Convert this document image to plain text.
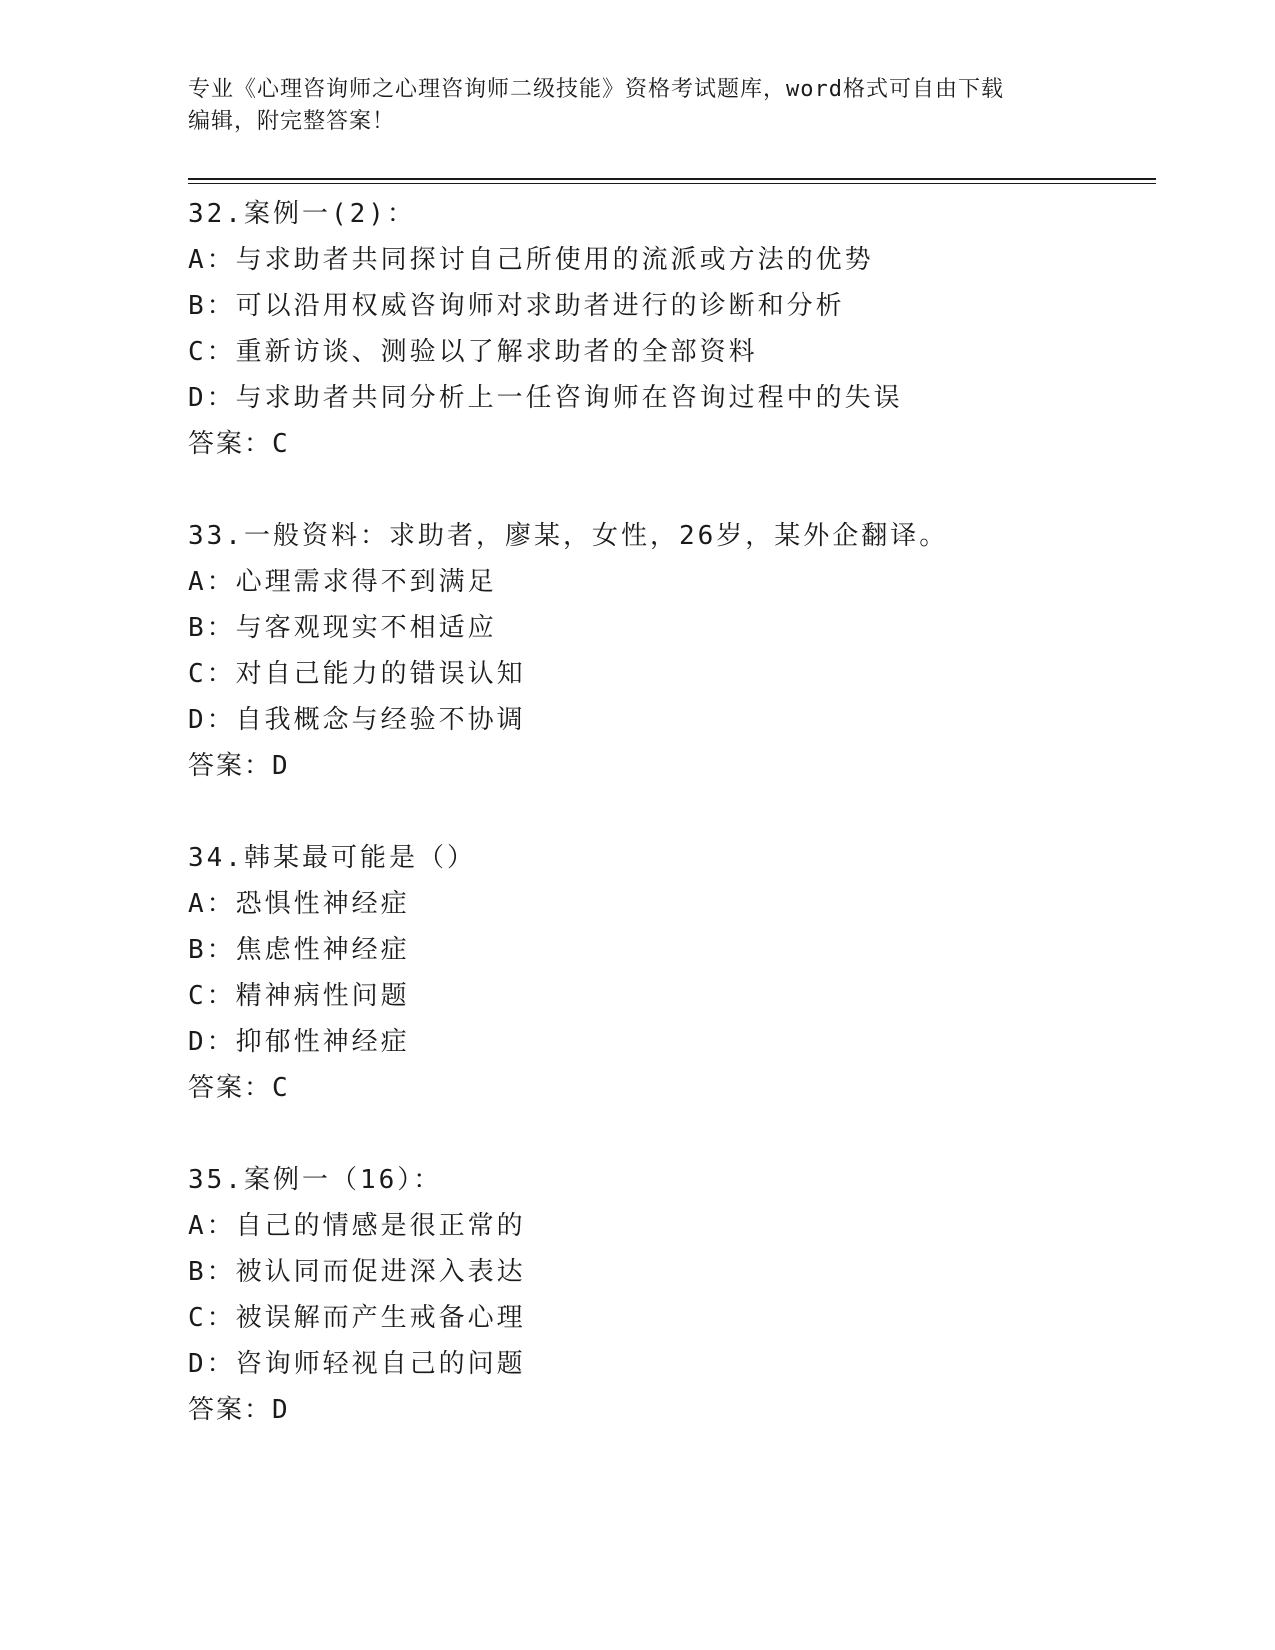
专业《心理咨询师之心理咨询师二级技能》资格考试题库，word格式可自由下载
编辑，附完整答案！
32.案例一(2)：
A：与求助者共同探讨自己所使用的流派或方法的优势
B：可以沿用权威咨询师对求助者进行的诊断和分析
C：重新访谈、测验以了解求助者的全部资料
D：与求助者共同分析上一任咨询师在咨询过程中的失误
答案：C
33.一般资料：求助者，廖某，女性，26岁，某外企翻译。
A：心理需求得不到满足
B：与客观现实不相适应
C：对自己能力的错误认知
D：自我概念与经验不协调
答案：D
34.韩某最可能是（）
A：恐惧性神经症
B：焦虑性神经症
C：精神病性问题
D：抑郁性神经症
答案：C
35.案例一（16）：
A：自己的情感是很正常的
B：被认同而促进深入表达
C：被误解而产生戒备心理
D：咨询师轻视自己的问题
答案：D
